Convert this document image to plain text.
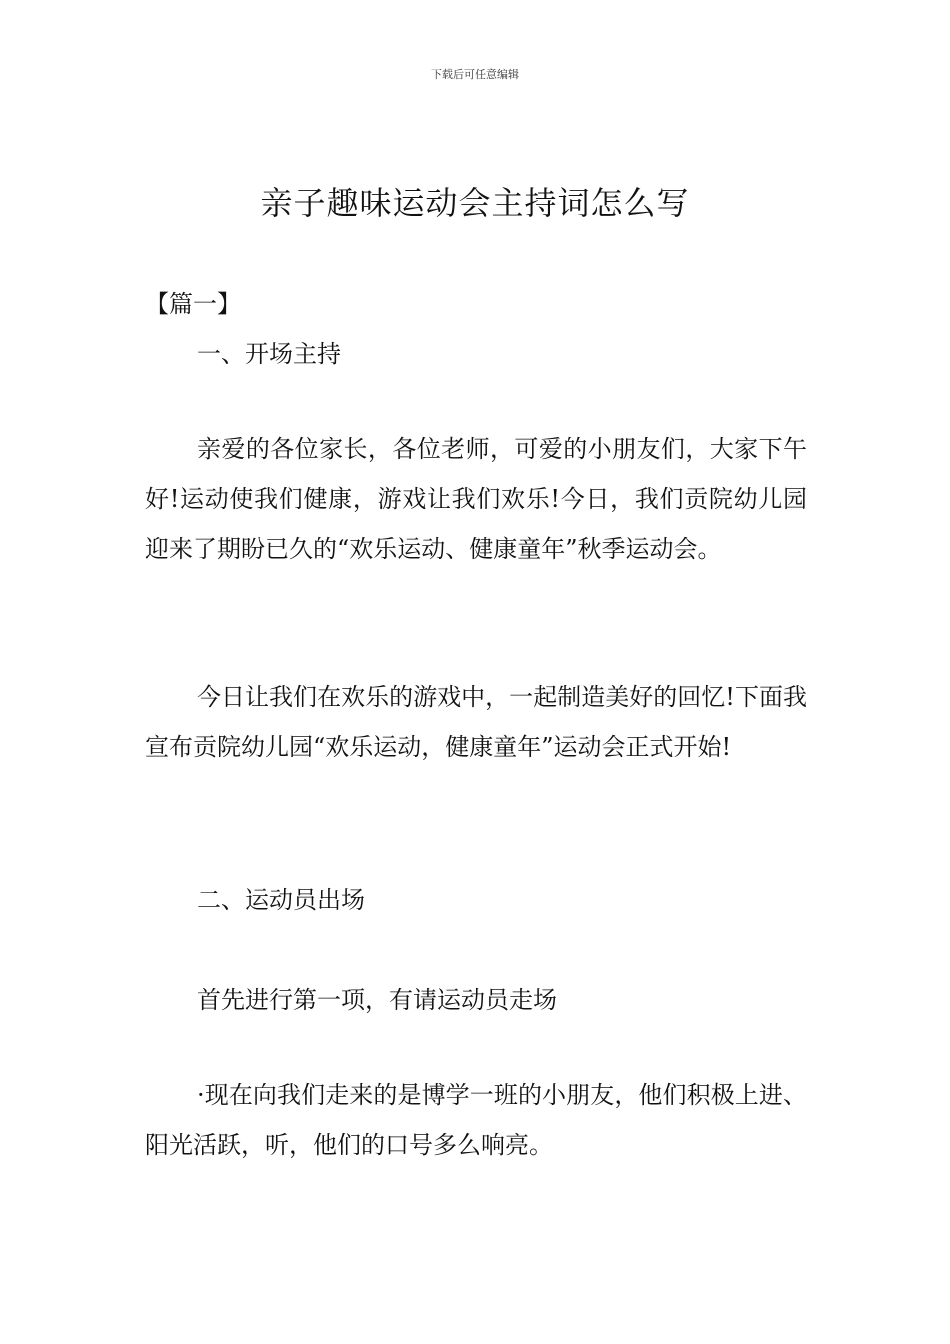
下载后可任意编辑
亲子趣味运动会主持词怎么写
【篇一】
一、开场主持

亲爱的各位家长，各位老师，可爱的小朋友们，大家下午好!运动使我们健康，游戏让我们欢乐!今日，我们贡院幼儿园迎来了期盼已久的“欢乐运动、健康童年”秋季运动会。

今日让我们在欢乐的游戏中，一起制造美好的回忆!下面我宣布贡院幼儿园“欢乐运动，健康童年”运动会正式开始!

二、运动员出场
首先进行第一项，有请运动员走场

·现在向我们走来的是博学一班的小朋友，他们积极上进、阳光活跃，听，他们的口号多么响亮。
